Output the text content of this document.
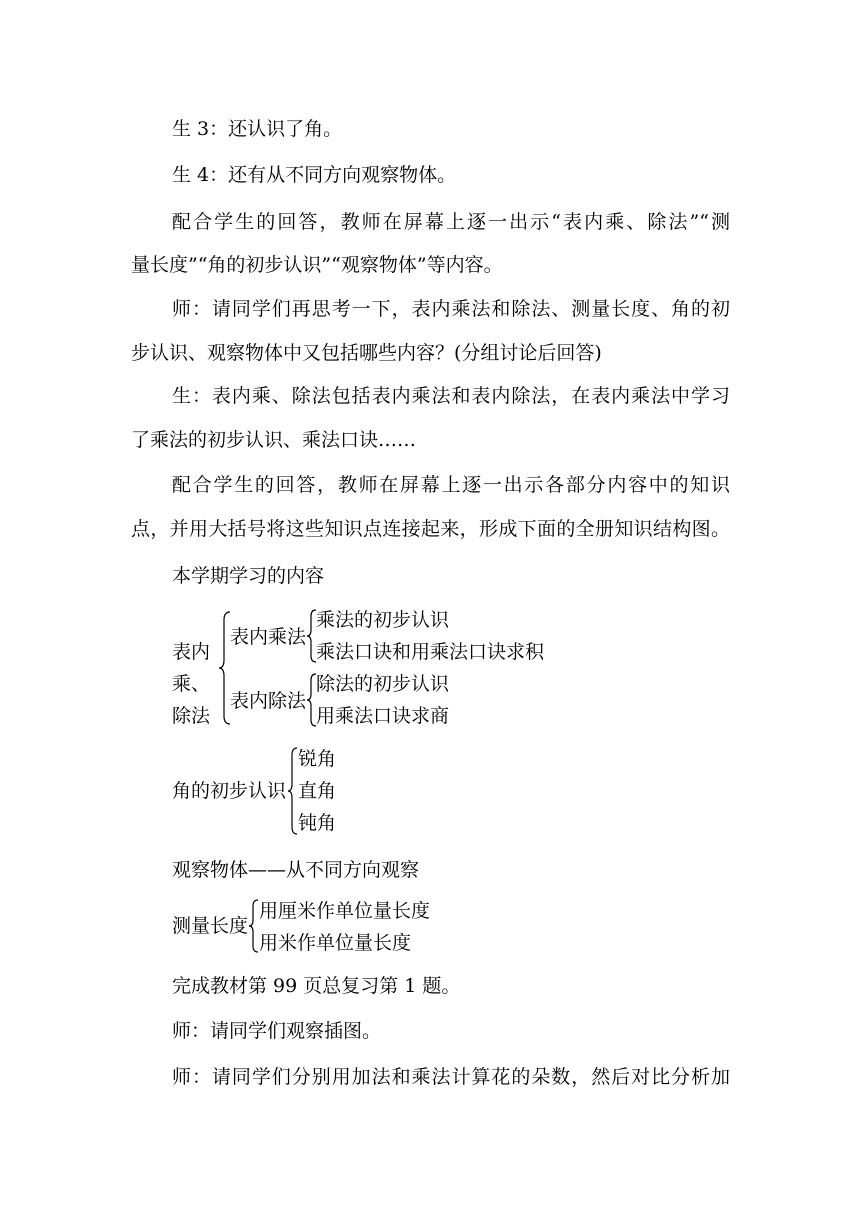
生 3：还认识了角。
生 4：还有从不同方向观察物体。
配合学生的回答，教师在屏幕上逐一出示“表内乘、除法”“测
量长度”“角的初步认识”“观察物体”等内容。
师：请同学们再思考一下，表内乘法和除法、测量长度、角的初
步认识、观察物体中又包括哪些内容？(分组讨论后回答)
生：表内乘、除法包括表内乘法和表内除法，在表内乘法中学习
了乘法的初步认识、乘法口诀……
配合学生的回答，教师在屏幕上逐一出示各部分内容中的知识
点，并用大括号将这些知识点连接起来，形成下面的全册知识结构图。
本学期学习的内容
表内
乘、
除法
表内乘法
乘法的初步认识
乘法口诀和用乘法口诀求积
表内除法
除法的初步认识
用乘法口诀求商
角的初步认识
锐角
直角
钝角
观察物体——从不同方向观察
测量长度
用厘米作单位量长度
用米作单位量长度
完成教材第 99 页总复习第 1 题。
师：请同学们观察插图。
师：请同学们分别用加法和乘法计算花的朵数，然后对比分析加
